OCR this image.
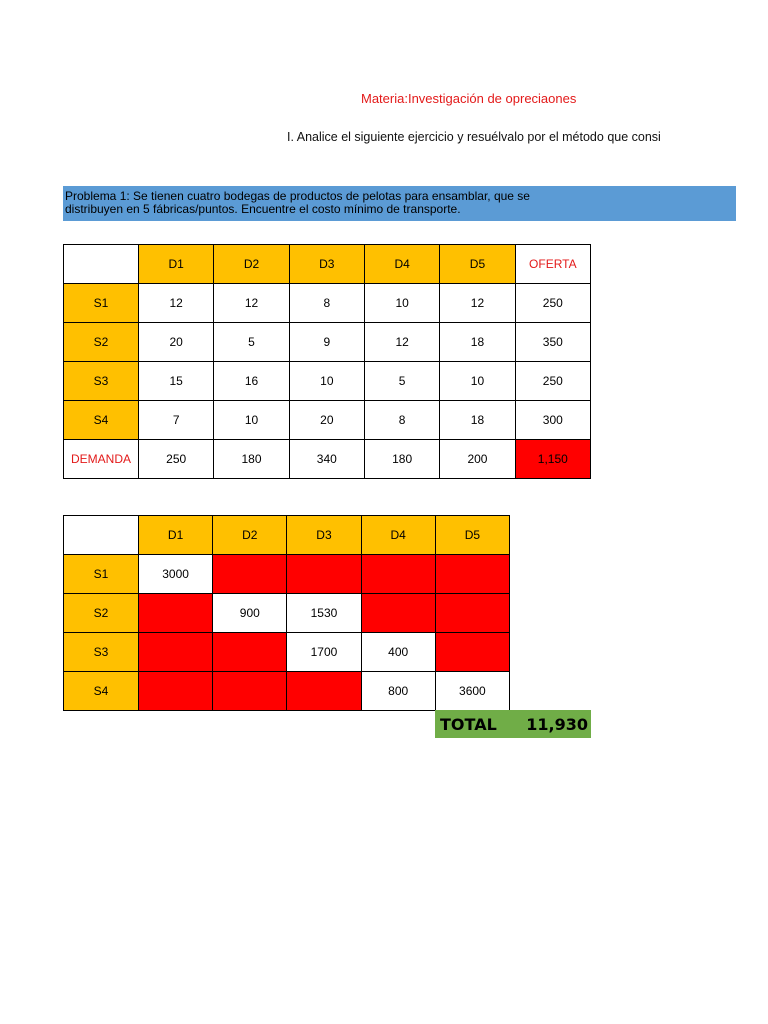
Materia:Investigación de opreciaones
I. Analice el siguiente ejercicio y resuélvalo por el método que consi
Problema 1: Se tienen cuatro bodegas de productos de pelotas para ensamblar, que se
distribuyen en 5 fábricas/puntos. Encuentre el costo mínimo de transporte.
	D1	D2	D3	D4	D5	OFERTA
S1	12	12	8	10	12	250
S2	20	5	9	12	18	350
S3	15	16	10	5	10	250
S4	7	10	20	8	18	300
DEMANDA	250	180	340	180	200	1,150
	D1	D2	D3	D4	D5
S1	3000				
S2		900	1530		
S3			1700	400	
S4				800	3600
TOTAL 11,930
